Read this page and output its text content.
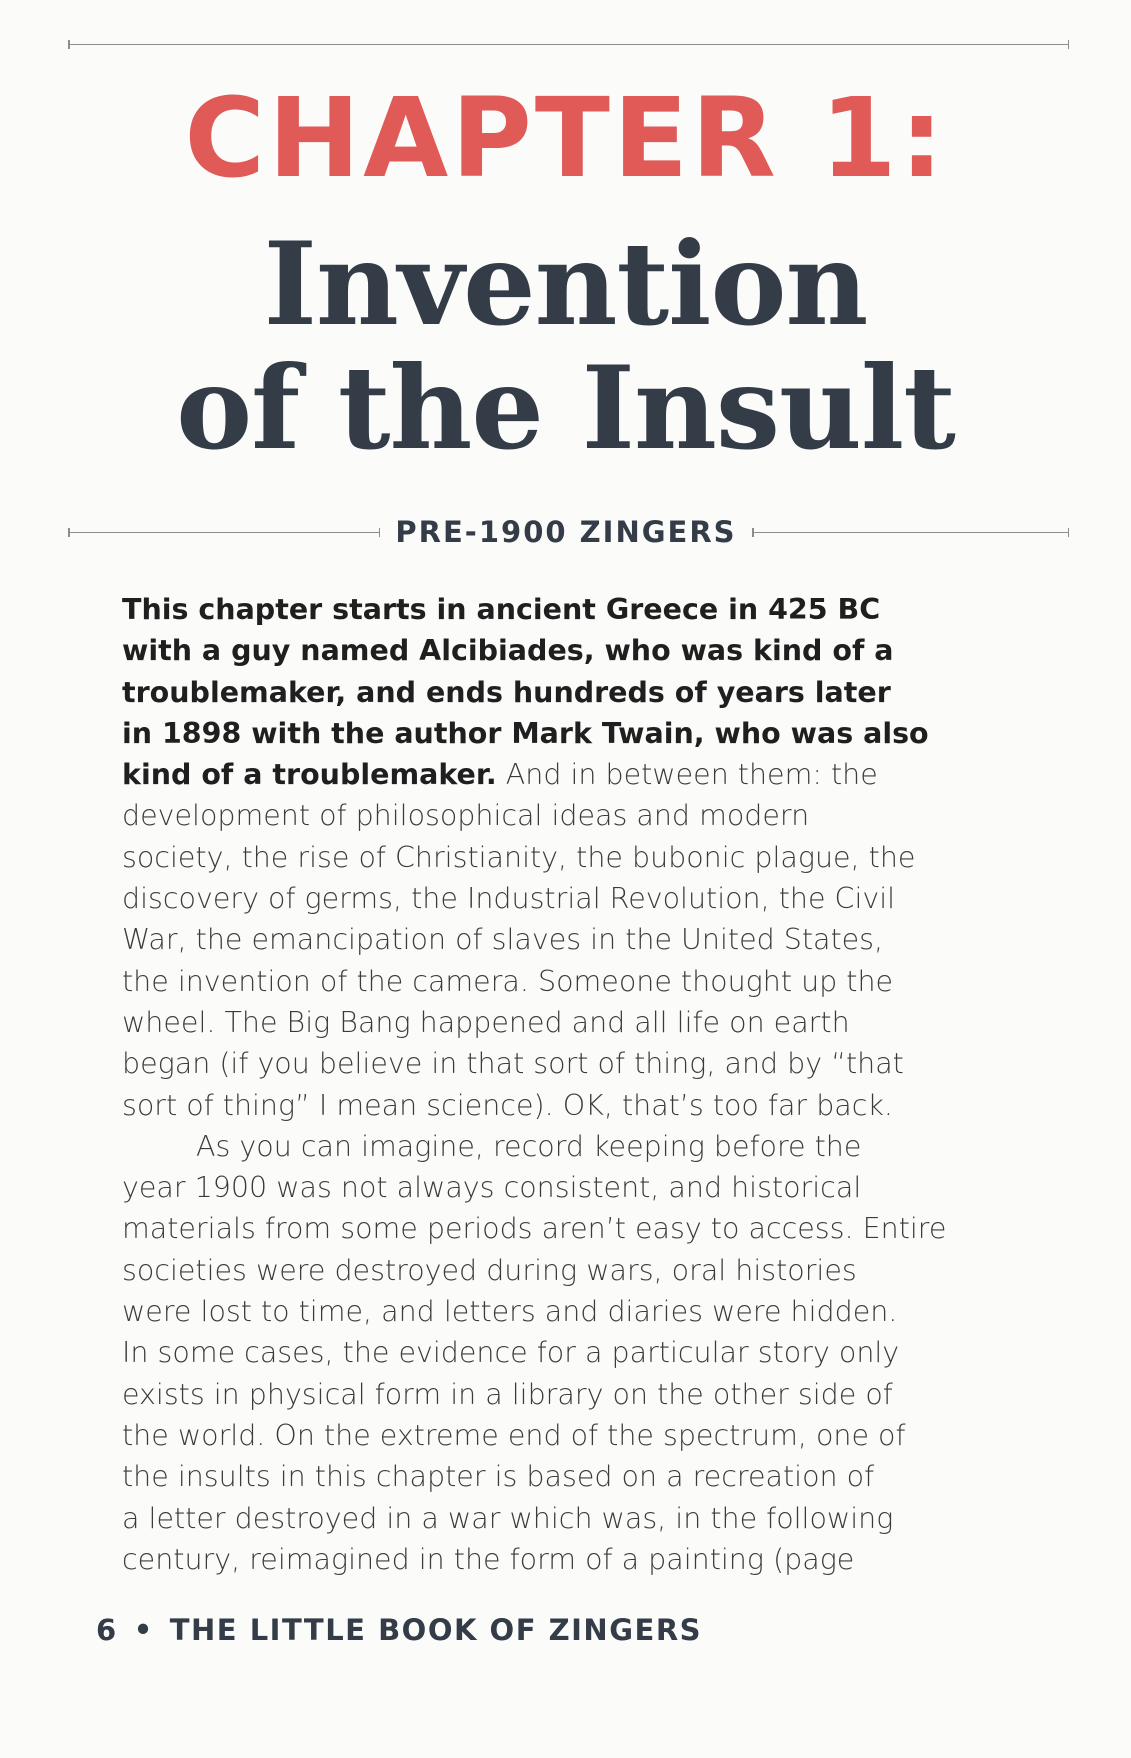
CHAPTER 1:
Invention
of the Insult
PRE-1900 ZINGERS
This chapter starts in ancient Greece in 425 BC
with a guy named Alcibiades, who was kind of a
troublemaker, and ends hundreds of years later
in 1898 with the author Mark Twain, who was also
kind of a troublemaker. And in between them: the
development of philosophical ideas and modern
society, the rise of Christianity, the bubonic plague, the
discovery of germs, the Industrial Revolution, the Civil
War, the emancipation of slaves in the United States,
the invention of the camera. Someone thought up the
wheel. The Big Bang happened and all life on earth
began (if you believe in that sort of thing, and by “that
sort of thing” I mean science). OK, that’s too far back.
As you can imagine, record keeping before the
year 1900 was not always consistent, and historical
materials from some periods aren’t easy to access. Entire
societies were destroyed during wars, oral histories
were lost to time, and letters and diaries were hidden.
In some cases, the evidence for a particular story only
exists in physical form in a library on the other side of
the world. On the extreme end of the spectrum, one of
the insults in this chapter is based on a recreation of
a letter destroyed in a war which was, in the following
century, reimagined in the form of a painting (page
6 • THE LITTLE BOOK OF ZINGERS
